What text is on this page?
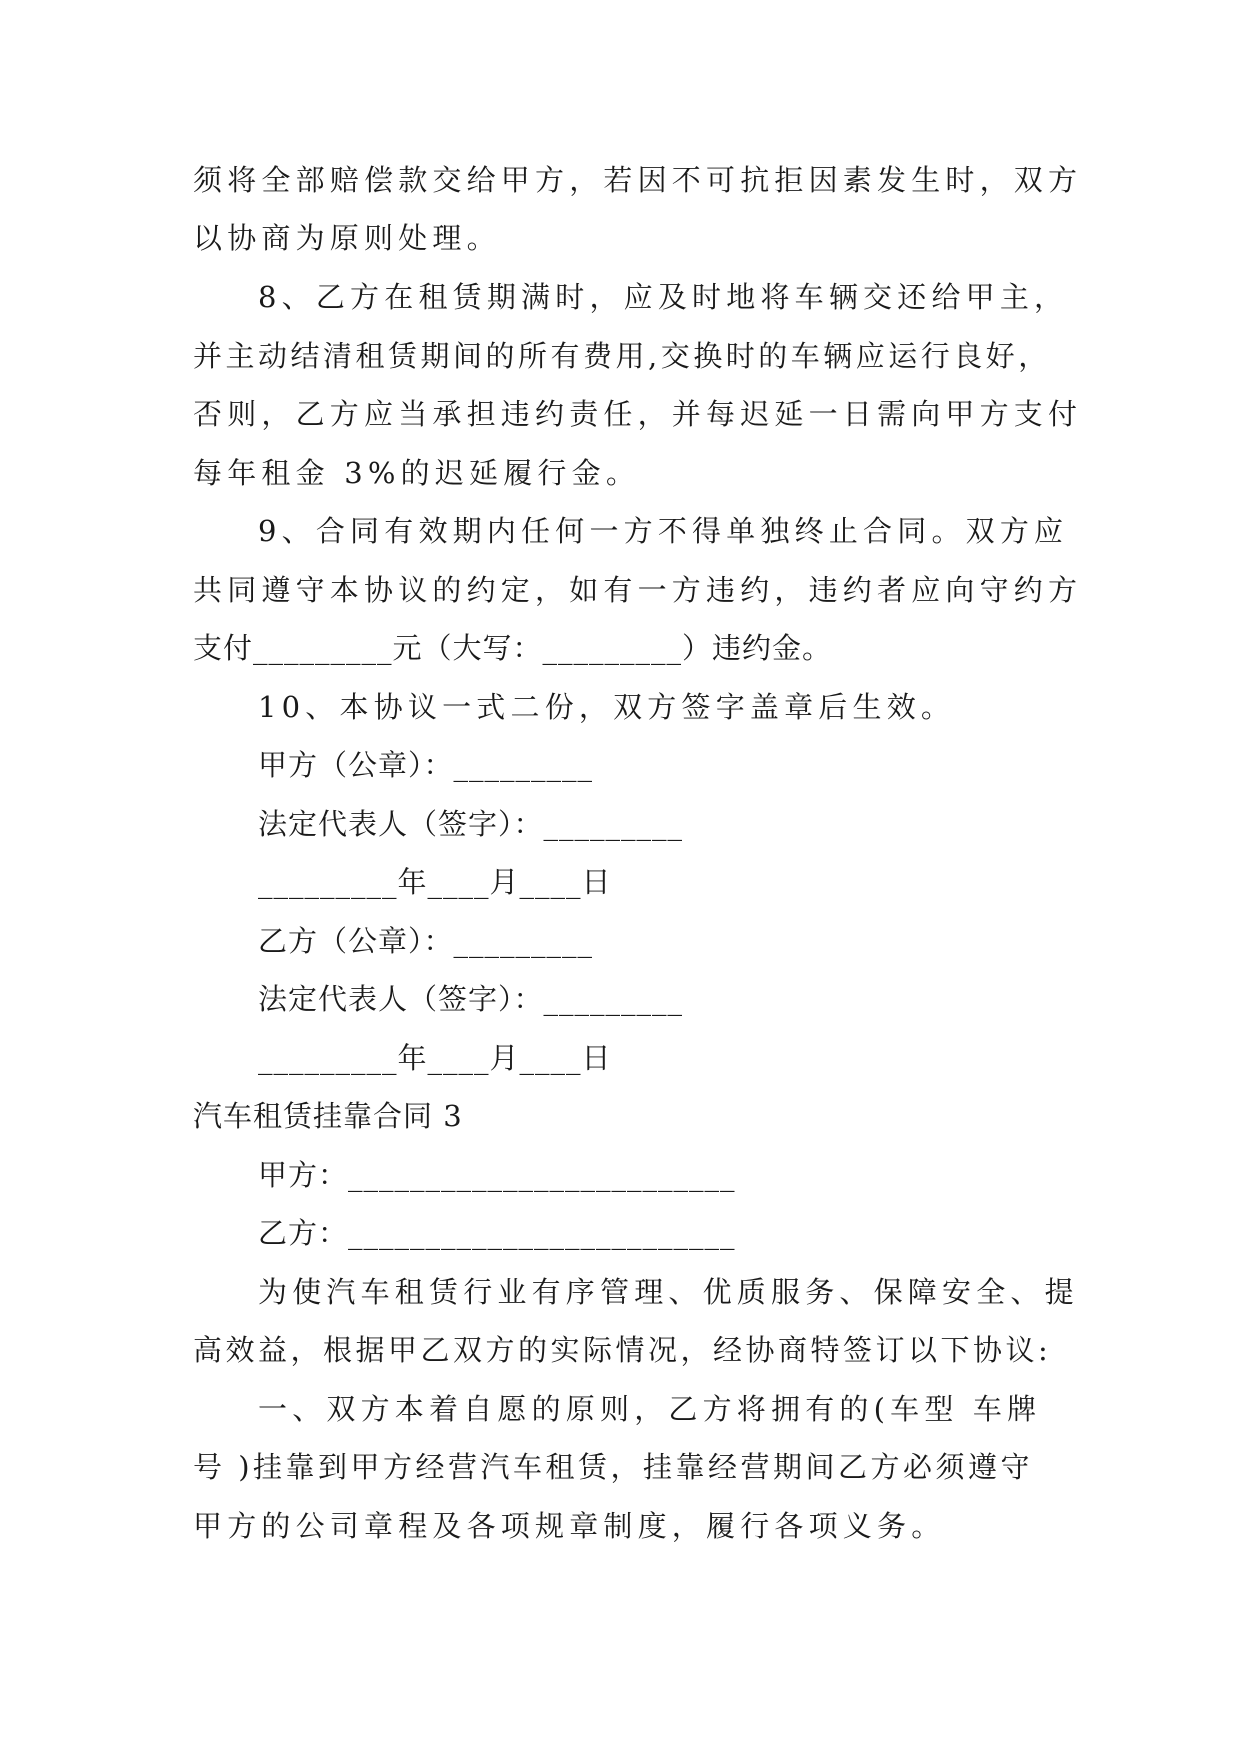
须将全部赔偿款交给甲方，若因不可抗拒因素发生时，双方
以协商为原则处理。
8、乙方在租赁期满时，应及时地将车辆交还给甲主，
并主动结清租赁期间的所有费用,交换时的车辆应运行良好，
否则，乙方应当承担违约责任，并每迟延一日需向甲方支付
每年租金 3%的迟延履行金。
9、合同有效期内任何一方不得单独终止合同。双方应
共同遵守本协议的约定，如有一方违约，违约者应向守约方
支付_________元（大写：_________）违约金。
10、本协议一式二份，双方签字盖章后生效。
甲方（公章）：_________
法定代表人（签字）：_________
_________年____月____日
乙方（公章）：_________
法定代表人（签字）：_________
_________年____月____日
汽车租赁挂靠合同 3
甲方：_________________________
乙方：_________________________
为使汽车租赁行业有序管理、优质服务、保障安全、提
高效益，根据甲乙双方的实际情况，经协商特签订以下协议:
一、双方本着自愿的原则，乙方将拥有的(车型 车牌
号 )挂靠到甲方经营汽车租赁，挂靠经营期间乙方必须遵守
甲方的公司章程及各项规章制度，履行各项义务。
